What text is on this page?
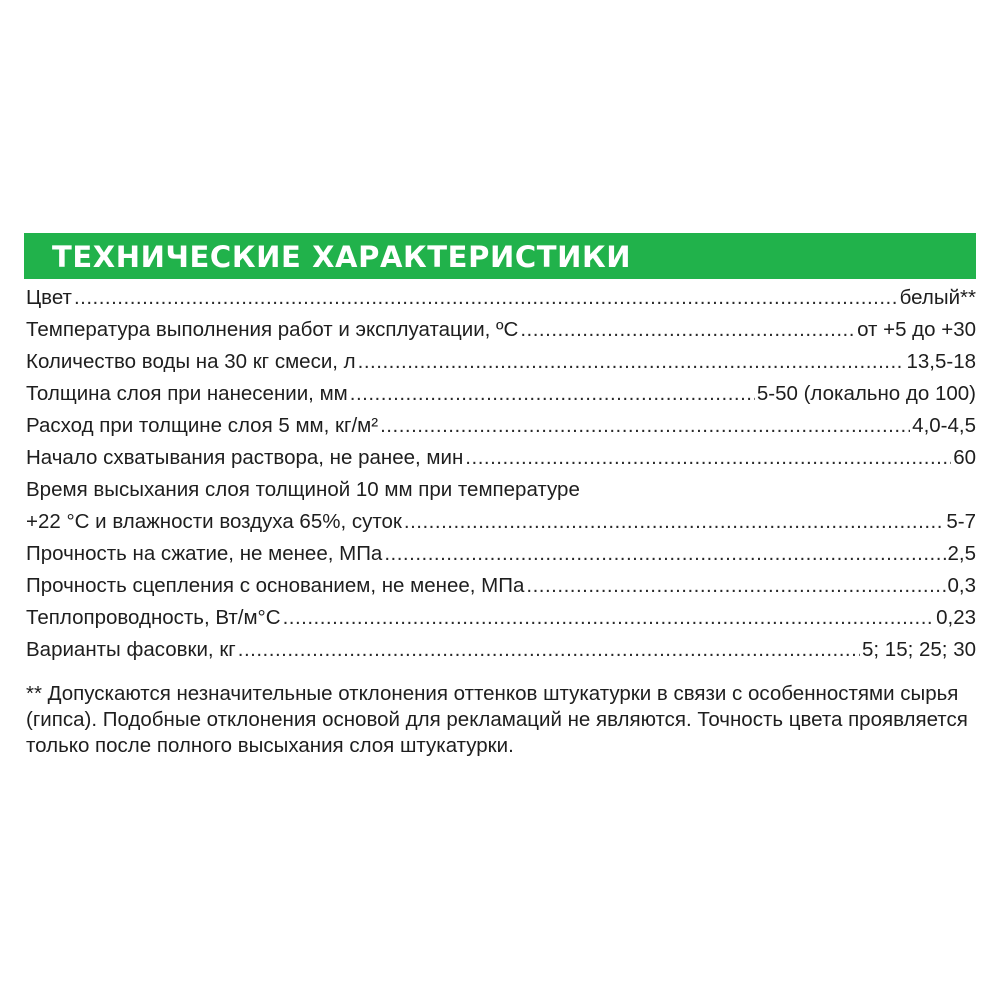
ТЕХНИЧЕСКИЕ ХАРАКТЕРИСТИКИ
Цвет .....	белый**
Температура выполнения работ и эксплуатации, ºС .....	от +5 до +30
Количество воды на 30 кг смеси, л .....	13,5-18
Толщина слоя при нанесении, мм .....	5-50 (локально до 100)
Расход при толщине слоя 5 мм, кг/м² .....	4,0-4,5
Начало схватывания раствора, не ранее, мин .....	60
Время высыхания слоя толщиной 10 мм при температуре
+22 °С и влажности воздуха 65%, суток .....	5-7
Прочность на сжатие, не менее, МПа .....	2,5
Прочность сцепления с основанием, не менее, МПа .....	0,3
Теплопроводность, Вт/м°С .....	0,23
Варианты фасовки, кг .....	5; 15; 25; 30
** Допускаются незначительные отклонения оттенков штукатурки в связи с особенностями сырья (гипса). Подобные отклонения основой для рекламаций не являются. Точность цвета проявляется только после полного высыхания слоя штукатурки.
